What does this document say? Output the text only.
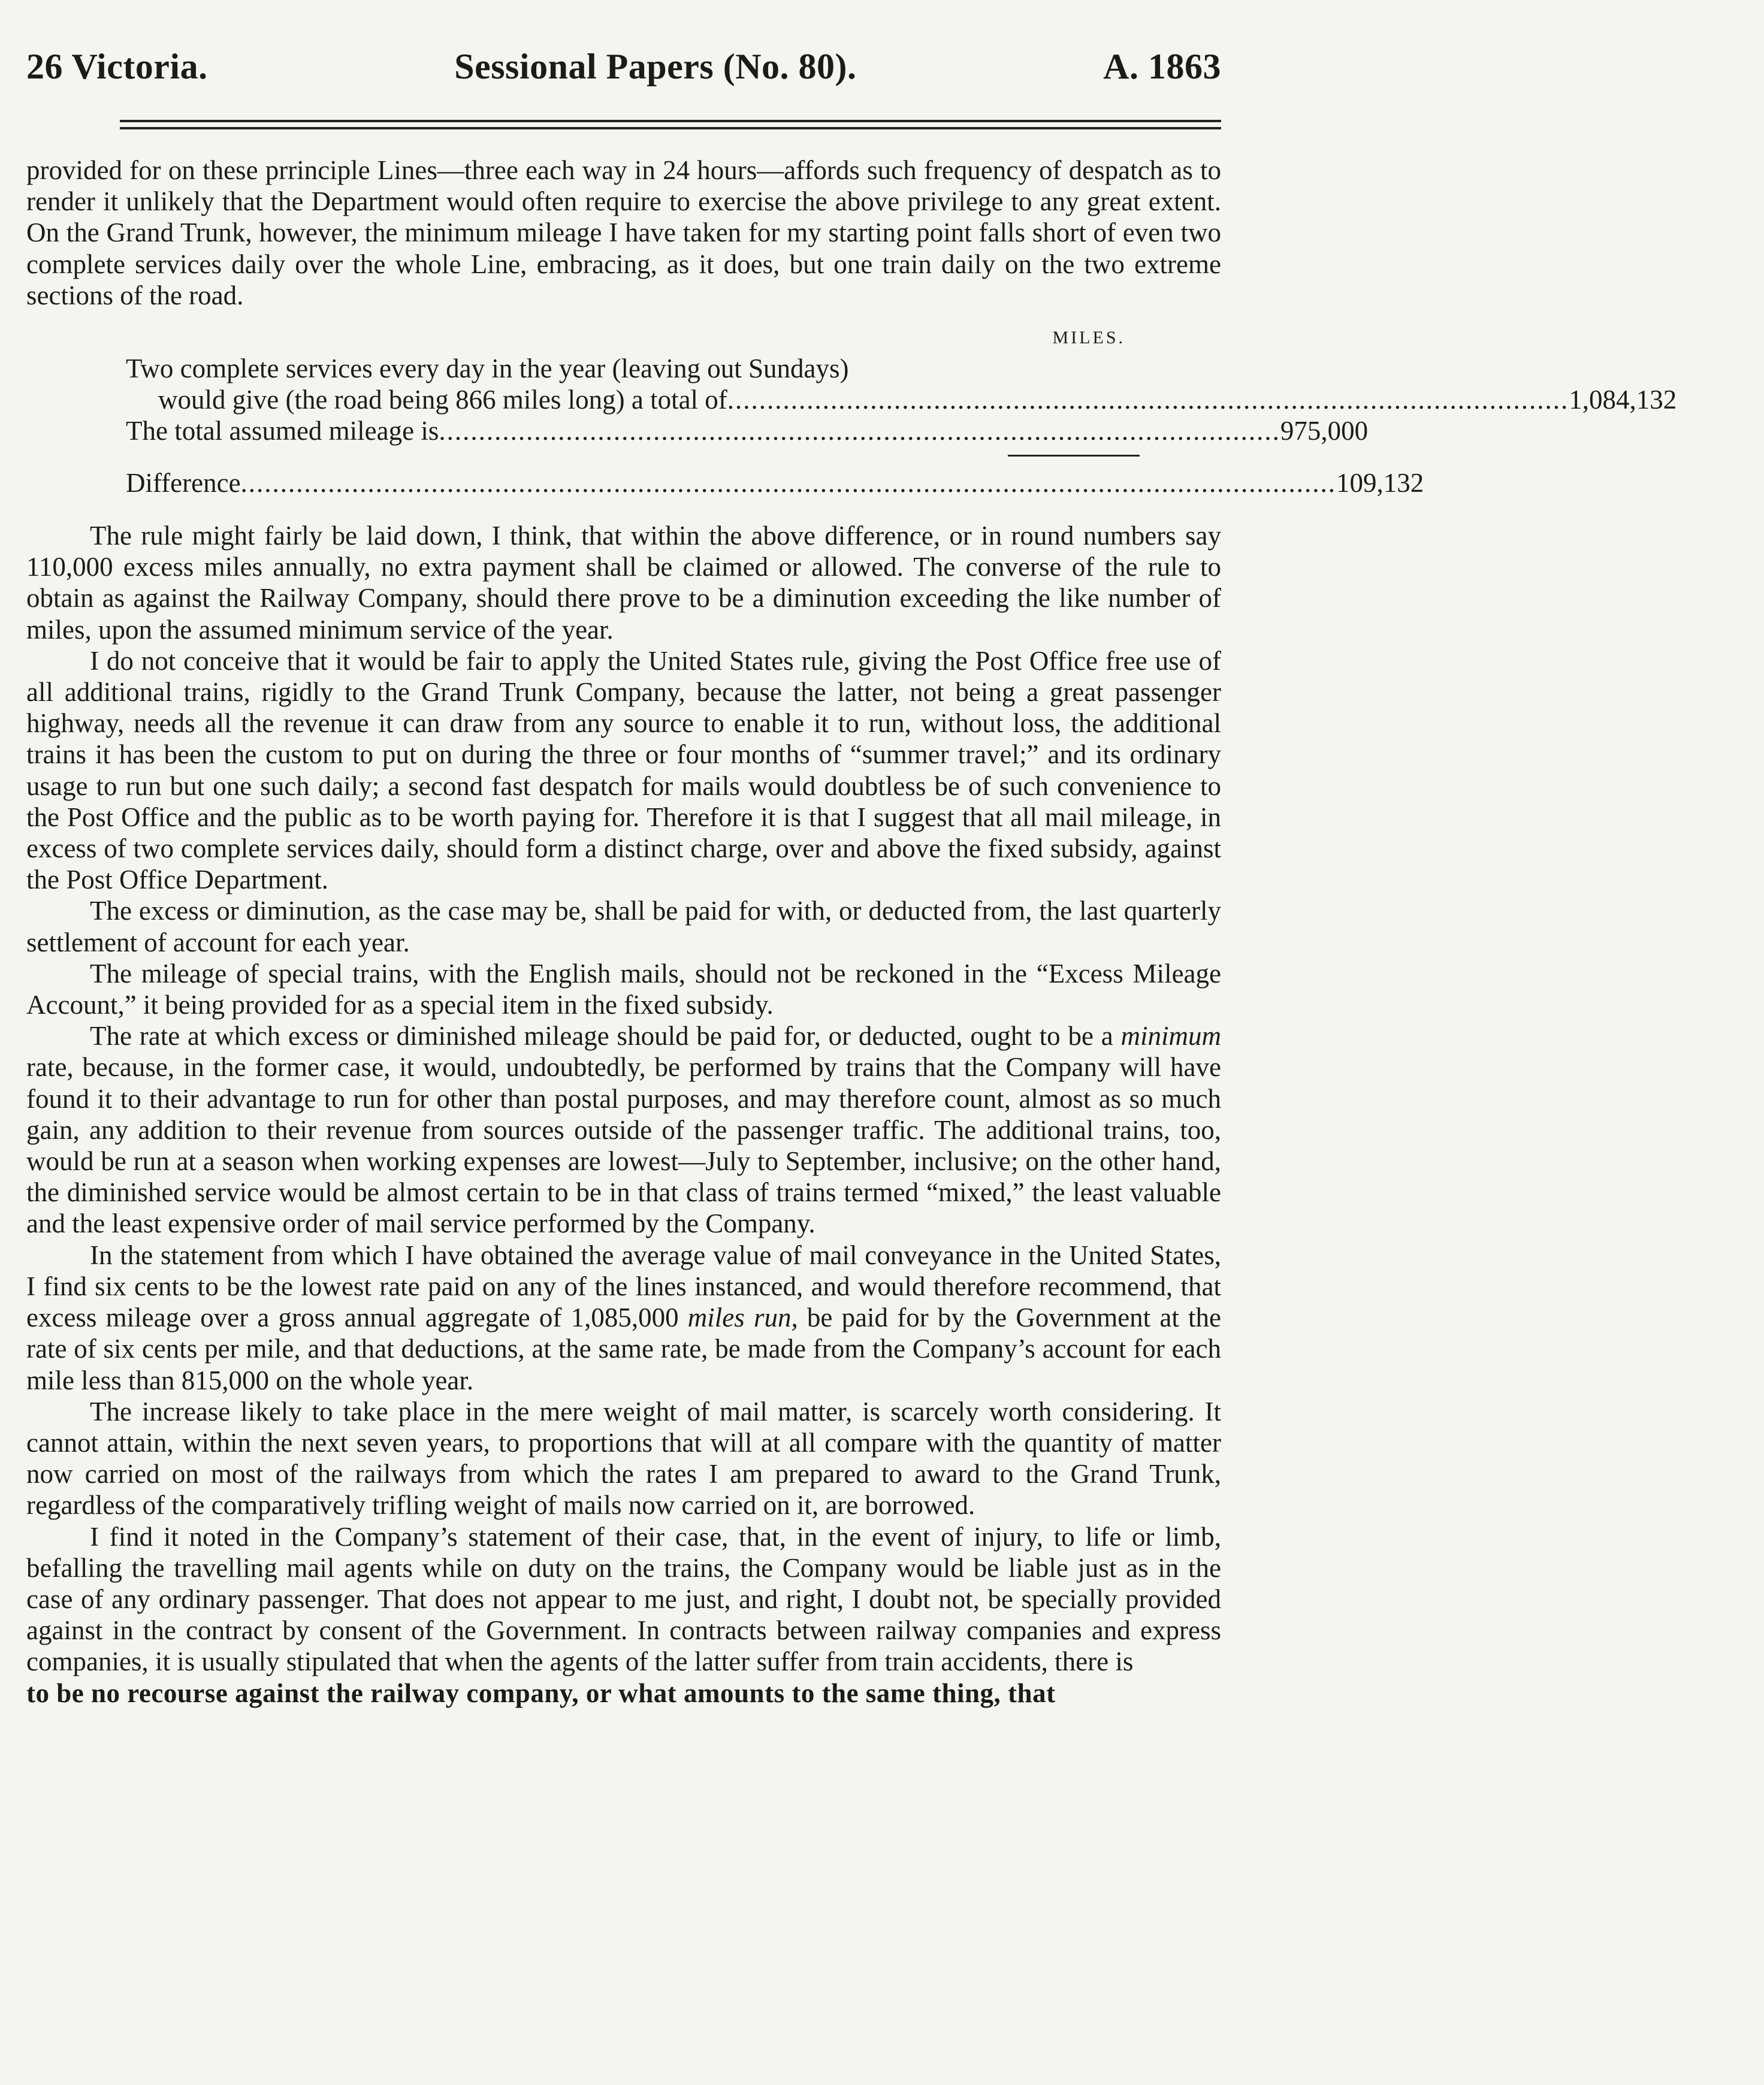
26 Victoria.	Sessional Papers (No. 80).	A. 1863

provided for on these prrinciple Lines—three each way in 24 hours—affords such frequency of despatch as to render it unlikely that the Department would often require to exercise the above privilege to any great extent. On the Grand Trunk, however, the minimum mileage I have taken for my starting point falls short of even two complete services daily over the whole Line, embracing, as it does, but one train daily on the two extreme sections of the road.

MILES.
Two complete services every day in the year (leaving out Sundays)
would give (the road being 866 miles long) a total of .......................................................................................................... 1,084,132
The total assumed mileage is .......................................................................................................... 975,000
Difference .......................................................................................................................................... 109,132

The rule might fairly be laid down, I think, that within the above difference, or in round numbers say 110,000 excess miles annually, no extra payment shall be claimed or allowed. The converse of the rule to obtain as against the Railway Company, should there prove to be a diminution exceeding the like number of miles, upon the assumed minimum service of the year.

I do not conceive that it would be fair to apply the United States rule, giving the Post Office free use of all additional trains, rigidly to the Grand Trunk Company, because the latter, not being a great passenger highway, needs all the revenue it can draw from any source to enable it to run, without loss, the additional trains it has been the custom to put on during the three or four months of “summer travel;” and its ordinary usage to run but one such daily; a second fast despatch for mails would doubtless be of such convenience to the Post Office and the public as to be worth paying for. Therefore it is that I suggest that all mail mileage, in excess of two complete services daily, should form a distinct charge, over and above the fixed subsidy, against the Post Office Department.

The excess or diminution, as the case may be, shall be paid for with, or deducted from, the last quarterly settlement of account for each year.

The mileage of special trains, with the English mails, should not be reckoned in the “Excess Mileage Account,” it being provided for as a special item in the fixed subsidy.

The rate at which excess or diminished mileage should be paid for, or deducted, ought to be a minimum rate, because, in the former case, it would, undoubtedly, be performed by trains that the Company will have found it to their advantage to run for other than postal purposes, and may therefore count, almost as so much gain, any addition to their revenue from sources outside of the passenger traffic. The additional trains, too, would be run at a season when working expenses are lowest—July to September, inclusive; on the other hand, the diminished service would be almost certain to be in that class of trains termed “mixed,” the least valuable and the least expensive order of mail service performed by the Company.

In the statement from which I have obtained the average value of mail conveyance in the United States, I find six cents to be the lowest rate paid on any of the lines instanced, and would therefore recommend, that excess mileage over a gross annual aggregate of 1,085,000 miles run, be paid for by the Government at the rate of six cents per mile, and that deductions, at the same rate, be made from the Company’s account for each mile less than 815,000 on the whole year.

The increase likely to take place in the mere weight of mail matter, is scarcely worth considering. It cannot attain, within the next seven years, to proportions that will at all compare with the quantity of matter now carried on most of the railways from which the rates I am prepared to award to the Grand Trunk, regardless of the comparatively trifling weight of mails now carried on it, are borrowed.

I find it noted in the Company’s statement of their case, that, in the event of injury, to life or limb, befalling the travelling mail agents while on duty on the trains, the Company would be liable just as in the case of any ordinary passenger. That does not appear to me just, and right, I doubt not, be specially provided against in the contract by consent of the Government. In contracts between railway companies and express companies, it is usually stipulated that when the agents of the latter suffer from train accidents, there is

to be no recourse against the railway company, or what amounts to the same thing, that
